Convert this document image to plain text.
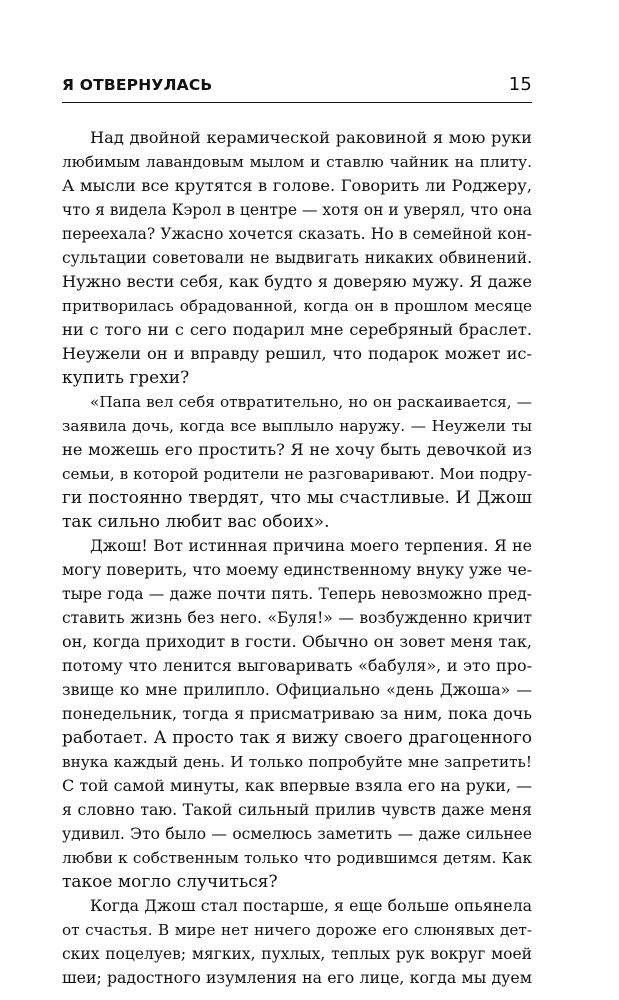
Я ОТВЕРНУЛАСЬ	15
Над двойной керамической раковиной я мою руки
любимым лавандовым мылом и ставлю чайник на плиту.
А мысли все крутятся в голове. Говорить ли Роджеру,
что я видела Кэрол в центре — хотя он и уверял, что она
переехала? Ужасно хочется сказать. Но в семейной кон-
сультации советовали не выдвигать никаких обвинений.
Нужно вести себя, как будто я доверяю мужу. Я даже
притворилась обрадованной, когда он в прошлом месяце
ни с того ни с сего подарил мне серебряный браслет.
Неужели он и вправду решил, что подарок может ис-
купить грехи?
«Папа вел себя отвратительно, но он раскаивается, —
заявила дочь, когда все выплыло наружу. — Неужели ты
не можешь его простить? Я не хочу быть девочкой из
семьи, в которой родители не разговаривают. Мои подру-
ги постоянно твердят, что мы счастливые. И Джош
так сильно любит вас обоих».
Джош! Вот истинная причина моего терпения. Я не
могу поверить, что моему единственному внуку уже че-
тыре года — даже почти пять. Теперь невозможно пред-
ставить жизнь без него. «Буля!» — возбужденно кричит
он, когда приходит в гости. Обычно он зовет меня так,
потому что ленится выговаривать «бабуля», и это про-
звище ко мне прилипло. Официально «день Джоша» —
понедельник, тогда я присматриваю за ним, пока дочь
работает. А просто так я вижу своего драгоценного
внука каждый день. И только попробуйте мне запретить!
С той самой минуты, как впервые взяла его на руки, —
я словно таю. Такой сильный прилив чувств даже меня
удивил. Это было — осмелюсь заметить — даже сильнее
любви к собственным только что родившимся детям. Как
такое могло случиться?
Когда Джош стал постарше, я еще больше опьянела
от счастья. В мире нет ничего дороже его слюнявых дет-
ских поцелуев; мягких, пухлых, теплых рук вокруг моей
шеи; радостного изумления на его лице, когда мы дуем
